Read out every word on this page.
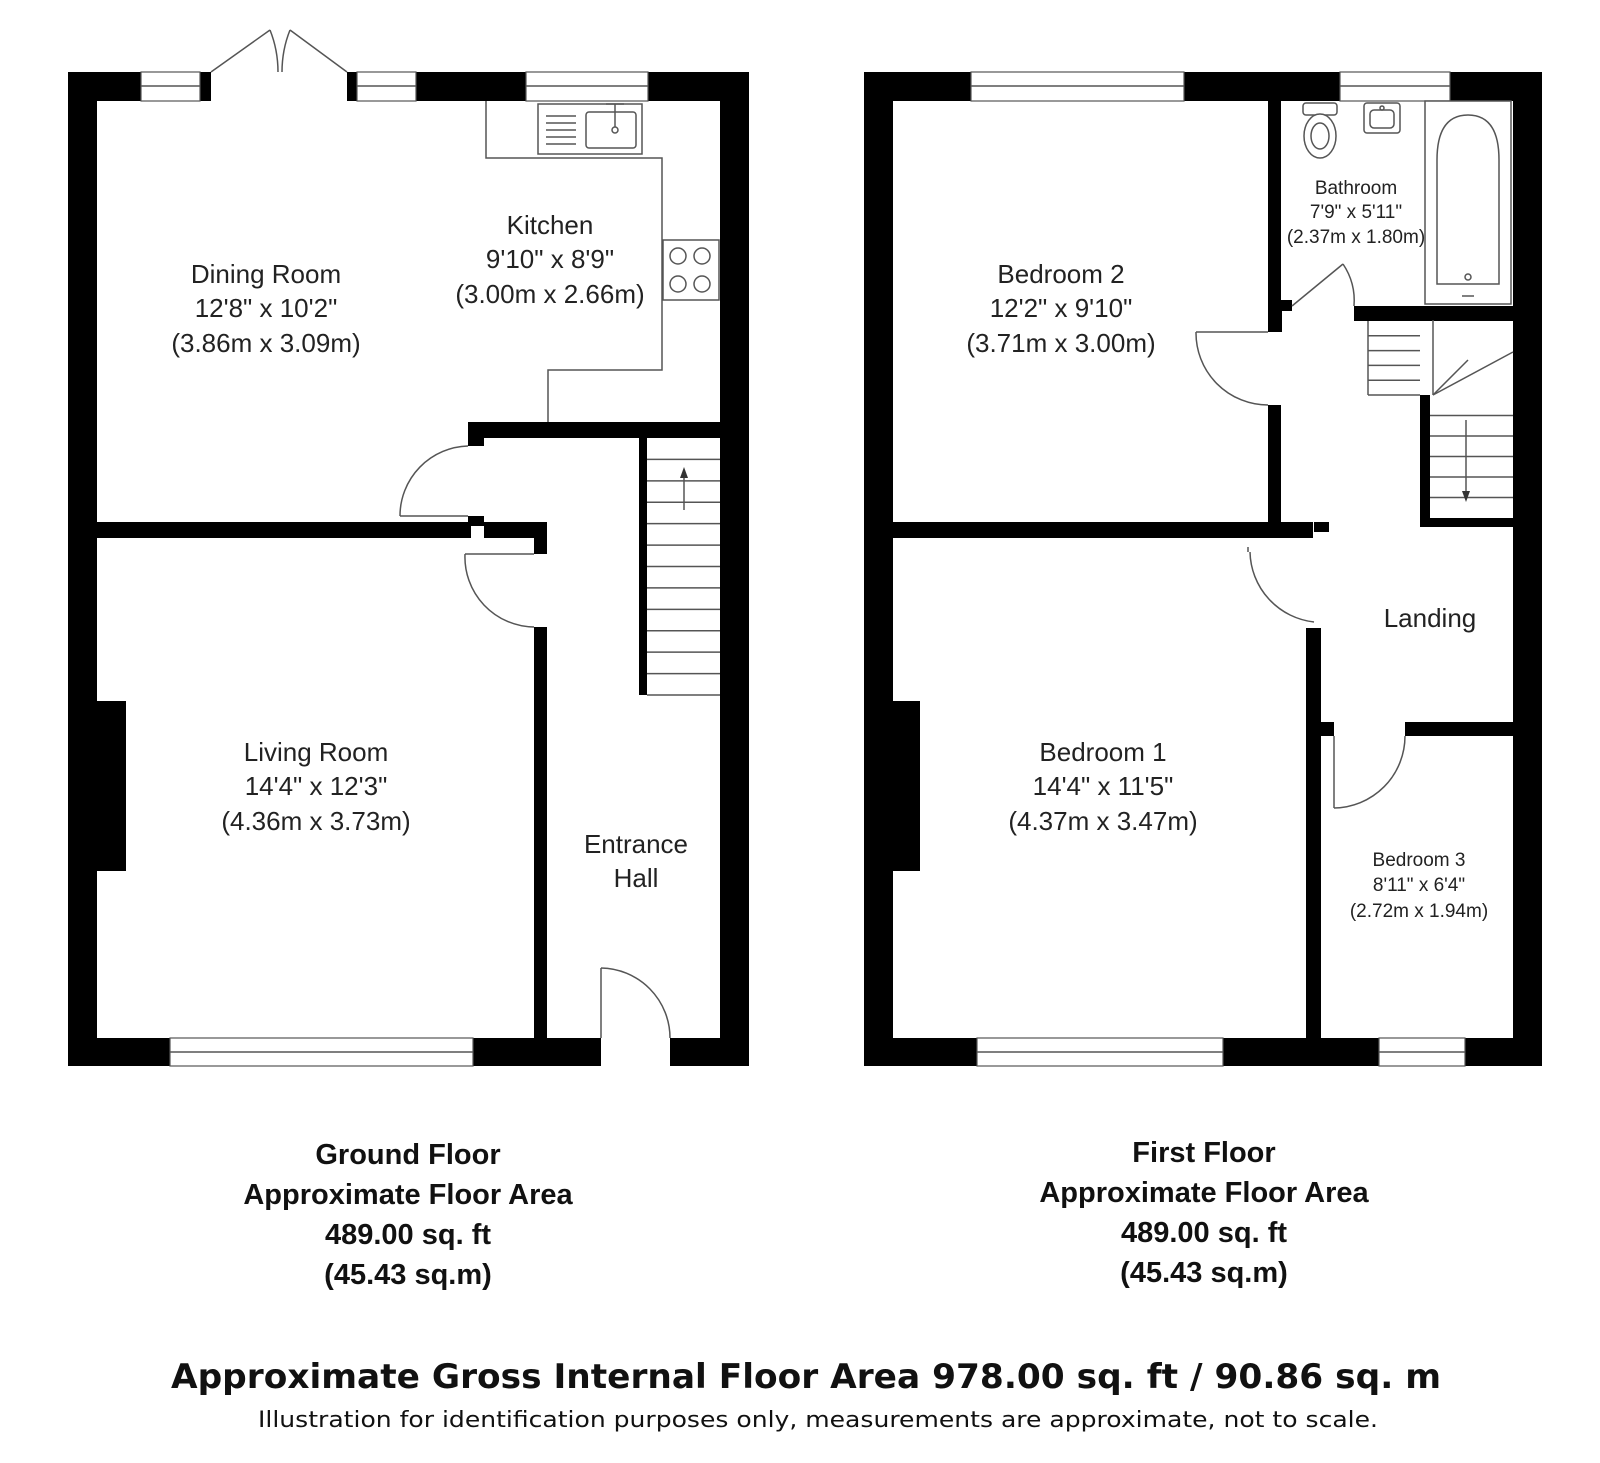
Dining Room
12'8" x 10'2"
(3.86m x 3.09m)
Kitchen
9'10" x 8'9"
(3.00m x 2.66m)
Living Room
14'4" x 12'3"
(4.36m x 3.73m)
Entrance
Hall
Bedroom 2
12'2" x 9'10"
(3.71m x 3.00m)
Bathroom
7'9" x 5'11"
(2.37m x 1.80m)
Landing
Bedroom 1
14'4" x 11'5"
(4.37m x 3.47m)
Bedroom 3
8'11" x 6'4"
(2.72m x 1.94m)
Ground Floor
Approximate Floor Area
489.00 sq. ft
(45.43 sq.m)
First Floor
Approximate Floor Area
489.00 sq. ft
(45.43 sq.m)
Approximate Gross Internal Floor Area 978.00 sq. ft / 90.86 sq. m
Illustration for identification purposes only, measurements are approximate, not to scale.
